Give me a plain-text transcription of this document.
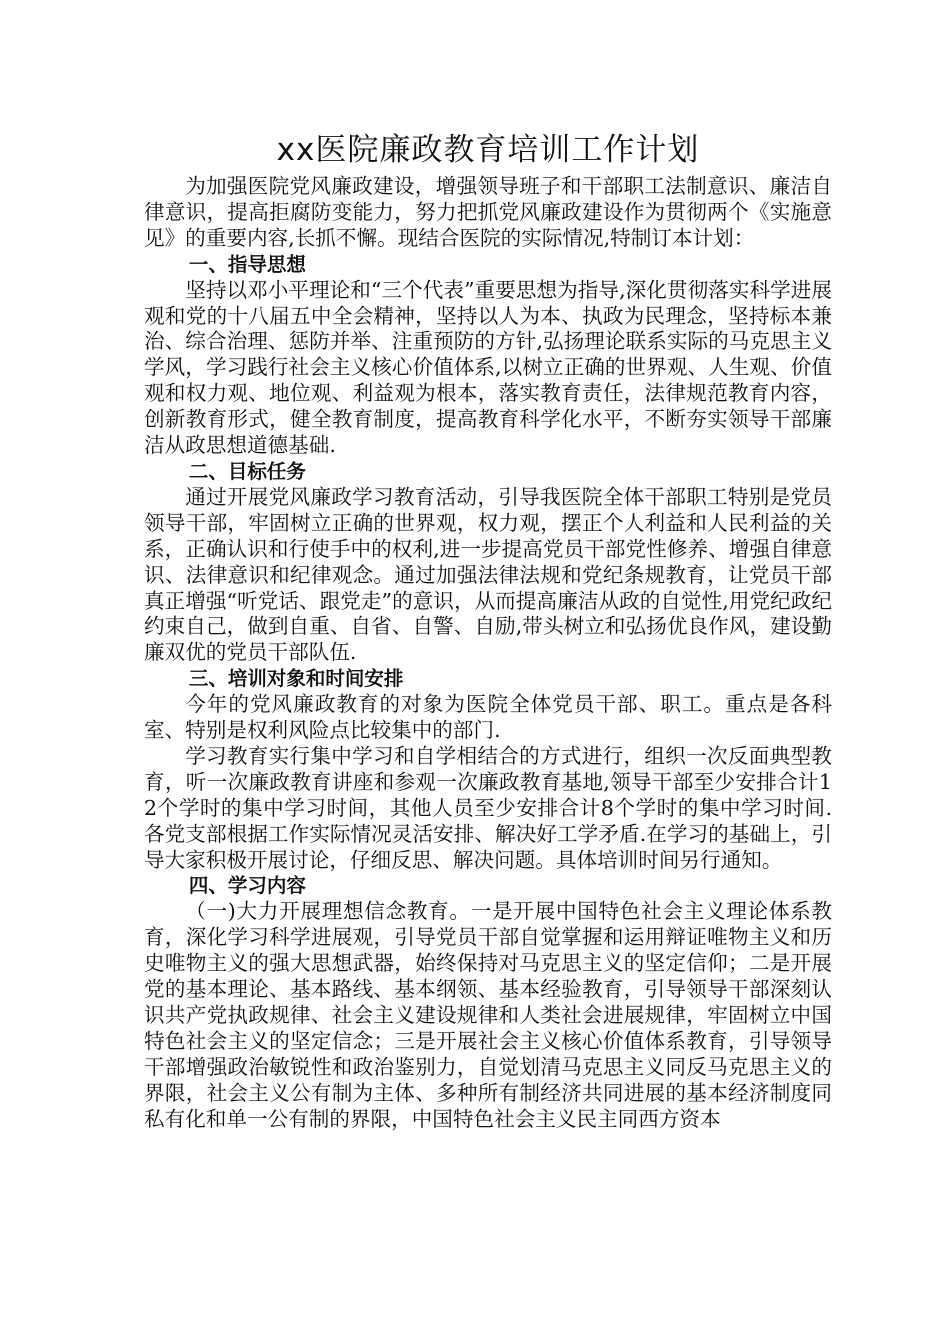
xx医院廉政教育培训工作计划

为加强医院党风廉政建设，增强领导班子和干部职工法制意识、廉洁自律意识，提高拒腐防变能力，努力把抓党风廉政建设作为贯彻两个《实施意见》的重要内容,长抓不懈。现结合医院的实际情况,特制订本计划：

一、指导思想

坚持以邓小平理论和“三个代表”重要思想为指导,深化贯彻落实科学进展观和党的十八届五中全会精神，坚持以人为本、执政为民理念，坚持标本兼治、综合治理、惩防并举、注重预防的方针,弘扬理论联系实际的马克思主义学风，学习践行社会主义核心价值体系,以树立正确的世界观、人生观、价值观和权力观、地位观、利益观为根本，落实教育责任，法律规范教育内容，创新教育形式，健全教育制度，提高教育科学化水平，不断夯实领导干部廉洁从政思想道德基础.

二、目标任务

通过开展党风廉政学习教育活动，引导我医院全体干部职工特别是党员领导干部，牢固树立正确的世界观，权力观，摆正个人利益和人民利益的关系，正确认识和行使手中的权利,进一步提高党员干部党性修养、增强自律意识、法律意识和纪律观念。通过加强法律法规和党纪条规教育，让党员干部真正增强“听党话、跟党走”的意识，从而提高廉洁从政的自觉性,用党纪政纪约束自己，做到自重、自省、自警、自励,带头树立和弘扬优良作风，建设勤廉双优的党员干部队伍.

三、培训对象和时间安排

今年的党风廉政教育的对象为医院全体党员干部、职工。重点是各科室、特别是权利风险点比较集中的部门.

学习教育实行集中学习和自学相结合的方式进行，组织一次反面典型教育，听一次廉政教育讲座和参观一次廉政教育基地,领导干部至少安排合计12个学时的集中学习时间，其他人员至少安排合计8个学时的集中学习时间.各党支部根据工作实际情况灵活安排、解决好工学矛盾.在学习的基础上，引导大家积极开展讨论，仔细反思、解决问题。具体培训时间另行通知。

四、学习内容

（一)大力开展理想信念教育。一是开展中国特色社会主义理论体系教育，深化学习科学进展观，引导党员干部自觉掌握和运用辩证唯物主义和历史唯物主义的强大思想武器，始终保持对马克思主义的坚定信仰；二是开展党的基本理论、基本路线、基本纲领、基本经验教育，引导领导干部深刻认识共产党执政规律、社会主义建设规律和人类社会进展规律，牢固树立中国特色社会主义的坚定信念；三是开展社会主义核心价值体系教育，引导领导干部增强政治敏锐性和政治鉴别力，自觉划清马克思主义同反马克思主义的界限，社会主义公有制为主体、多种所有制经济共同进展的基本经济制度同私有化和单一公有制的界限，中国特色社会主义民主同西方资本
